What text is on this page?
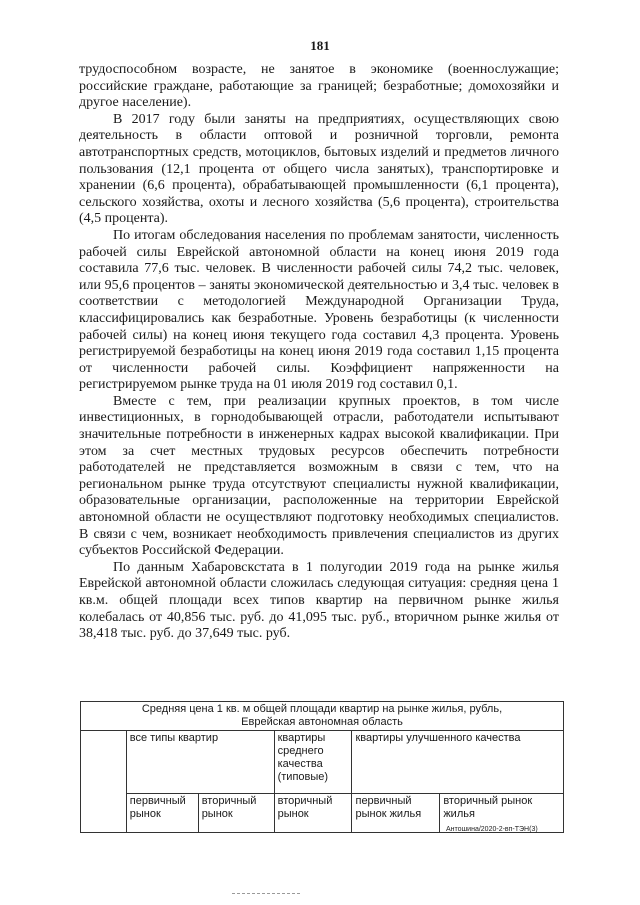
181

трудоспособном возрасте, не занятое в экономике (военнослужащие; российские граждане, работающие за границей; безработные; домохозяйки и другое население).

В 2017 году были заняты на предприятиях, осуществляющих свою деятельность в области оптовой и розничной торговли, ремонта автотранспортных средств, мотоциклов, бытовых изделий и предметов личного пользования (12,1 процента от общего числа занятых), транспортировке и хранении (6,6 процента), обрабатывающей промышленности (6,1 процента), сельского хозяйства, охоты и лесного хозяйства (5,6 процента), строительства (4,5 процента).

По итогам обследования населения по проблемам занятости, численность рабочей силы Еврейской автономной области на конец июня 2019 года составила 77,6 тыс. человек. В численности рабочей силы 74,2 тыс. человек, или 95,6 процентов – заняты экономической деятельностью и 3,4 тыс. человек в соответствии с методологией Международной Организации Труда, классифицировались как безработные. Уровень безработицы (к численности рабочей силы) на конец июня текущего года составил 4,3 процента. Уровень регистрируемой безработицы на конец июня 2019 года составил 1,15 процента от численности рабочей силы. Коэффициент напряженности на регистрируемом рынке труда на 01 июля 2019 год составил 0,1.

Вместе с тем, при реализации крупных проектов, в том числе инвестиционных, в горнодобывающей отрасли, работодатели испытывают значительные потребности в инженерных кадрах высокой квалификации. При этом за счет местных трудовых ресурсов обеспечить потребности работодателей не представляется возможным в связи с тем, что на региональном рынке труда отсутствуют специалисты нужной квалификации, образовательные организации, расположенные на территории Еврейской автономной области не осуществляют подготовку необходимых специалистов. В связи с чем, возникает необходимость привлечения специалистов из других субъектов Российской Федерации.

По данным Хабаровскстата в 1 полугодии 2019 года на рынке жилья Еврейской автономной области сложилась следующая ситуация: средняя цена 1 кв.м. общей площади всех типов квартир на первичном рынке жилья колебалась от 40,856 тыс. руб. до 41,095 тыс. руб., вторичном рынке жилья от 38,418 тыс. руб. до 37,649 тыс. руб.

Средняя цена 1 кв. м общей площади квартир на рынке жилья, рубль,
Еврейская автономная область					

	все типы квартир		квартиры среднего качества (типовые)	квартиры улучшенного качества	
	первичный рынок	вторичный рынок	вторичный рынок	первичный рынок жилья	вторичный рынок жилья
Антошина/2020-2-вп-ТЭН(3)
